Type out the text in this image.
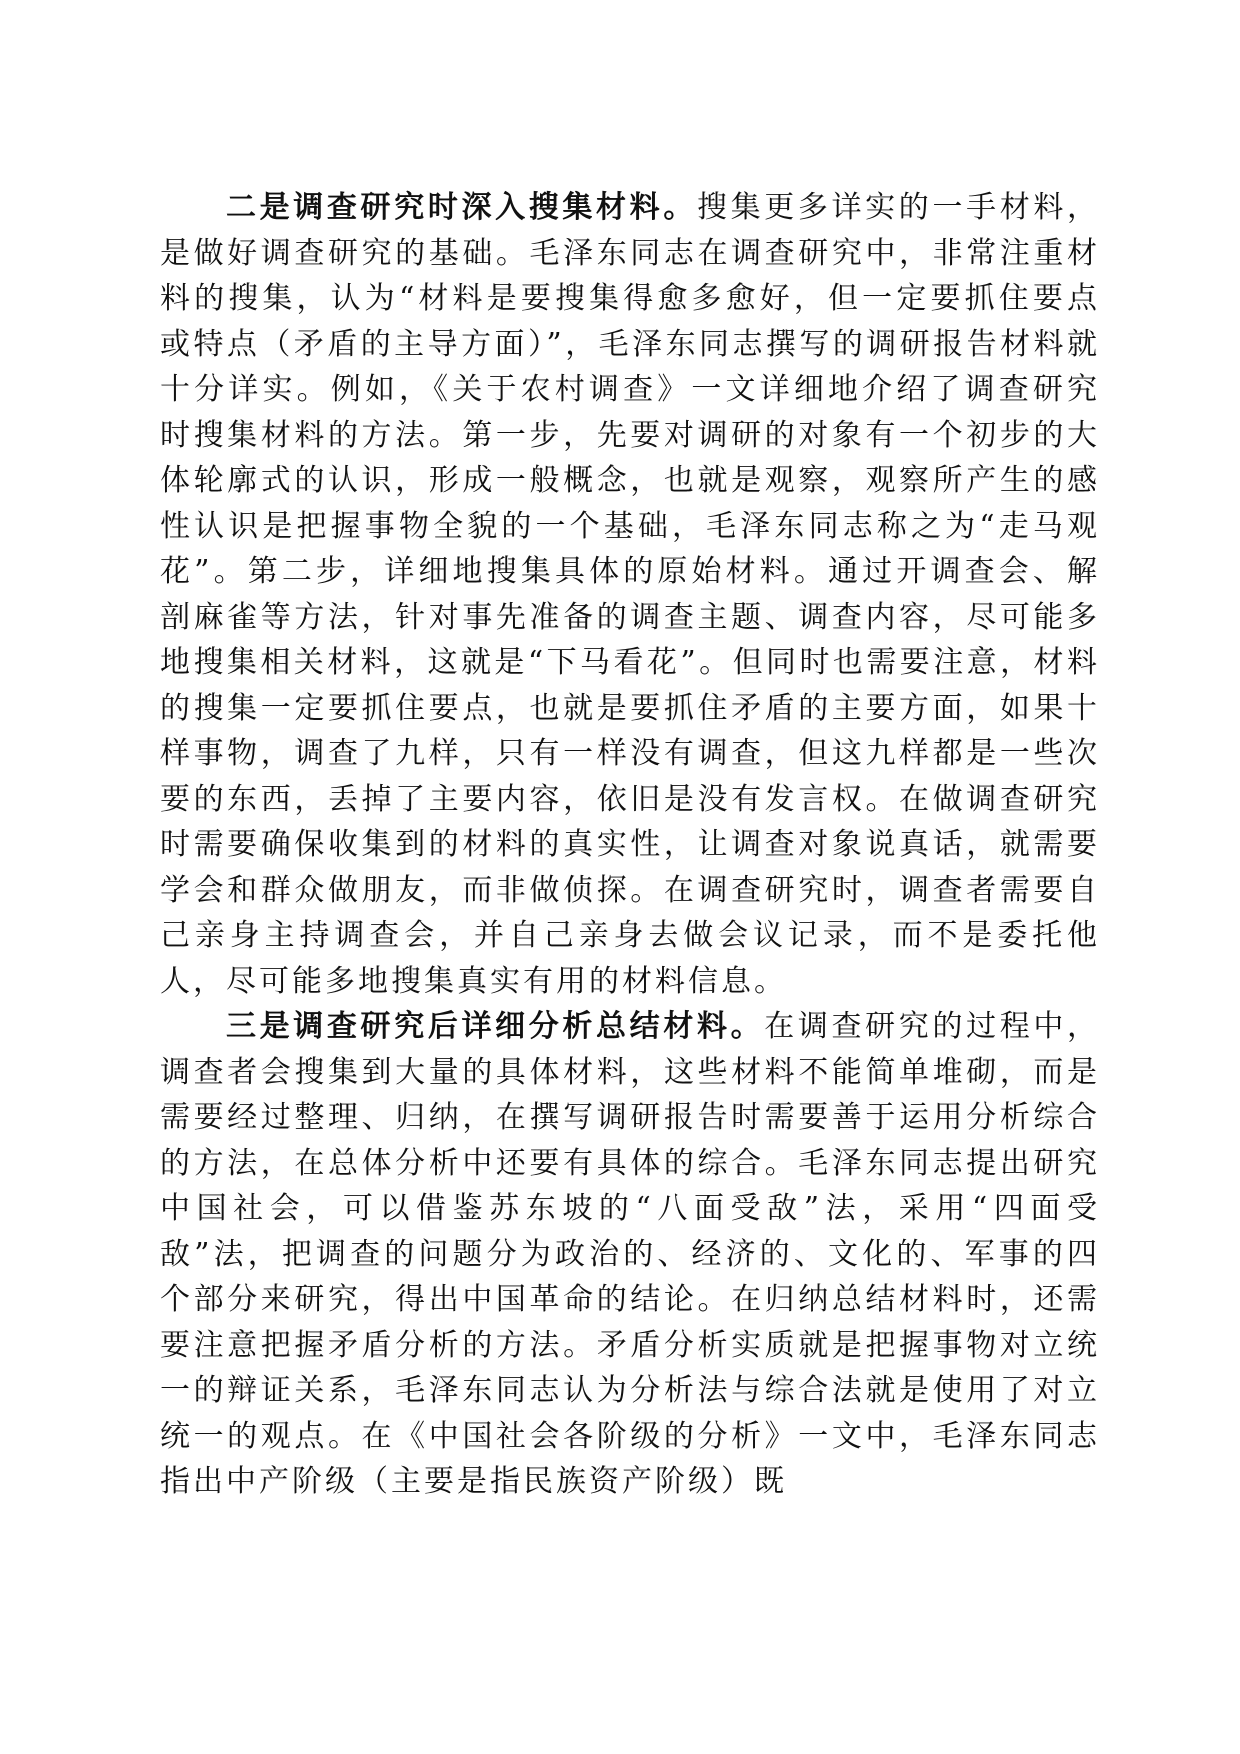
二是调查研究时深入搜集材料。搜集更多详实的一手材料，是做好调查研究的基础。毛泽东同志在调查研究中，非常注重材料的搜集，认为“材料是要搜集得愈多愈好，但一定要抓住要点或特点（矛盾的主导方面）”，毛泽东同志撰写的调研报告材料就十分详实。例如，《关于农村调查》一文详细地介绍了调查研究时搜集材料的方法。第一步，先要对调研的对象有一个初步的大体轮廓式的认识，形成一般概念，也就是观察，观察所产生的感性认识是把握事物全貌的一个基础，毛泽东同志称之为“走马观花”。第二步，详细地搜集具体的原始材料。通过开调查会、解剖麻雀等方法，针对事先准备的调查主题、调查内容，尽可能多地搜集相关材料，这就是“下马看花”。但同时也需要注意，材料的搜集一定要抓住要点，也就是要抓住矛盾的主要方面，如果十样事物，调查了九样，只有一样没有调查，但这九样都是一些次要的东西，丢掉了主要内容，依旧是没有发言权。在做调查研究时需要确保收集到的材料的真实性，让调查对象说真话，就需要学会和群众做朋友，而非做侦探。在调查研究时，调查者需要自己亲身主持调查会，并自己亲身去做会议记录，而不是委托他人，尽可能多地搜集真实有用的材料信息。

三是调查研究后详细分析总结材料。在调查研究的过程中，调查者会搜集到大量的具体材料，这些材料不能简单堆砌，而是需要经过整理、归纳，在撰写调研报告时需要善于运用分析综合的方法，在总体分析中还要有具体的综合。毛泽东同志提出研究中国社会，可以借鉴苏东坡的“八面受敌”法，采用“四面受敌”法，把调查的问题分为政治的、经济的、文化的、军事的四个部分来研究，得出中国革命的结论。在归纳总结材料时，还需要注意把握矛盾分析的方法。矛盾分析实质就是把握事物对立统一的辩证关系，毛泽东同志认为分析法与综合法就是使用了对立统一的观点。在《中国社会各阶级的分析》一文中，毛泽东同志指出中产阶级（主要是指民族资产阶级）既
